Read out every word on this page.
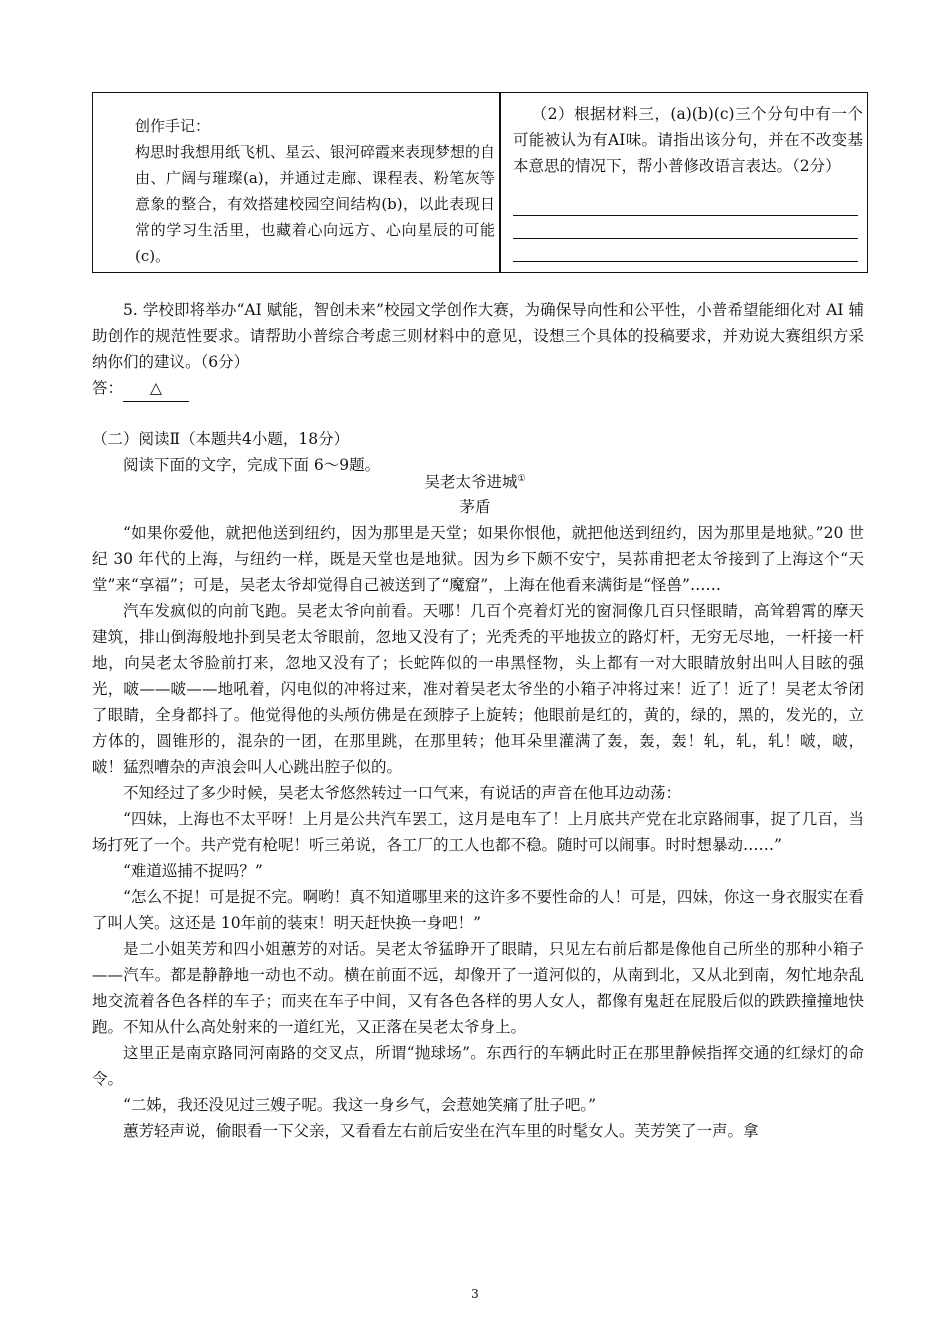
创作手记：
构思时我想用纸飞机、星云、银河碎霞来表现梦想的自由、广阔与璀璨(a)，并通过走廊、课程表、粉笔灰等意象的整合，有效搭建校园空间结构(b)，以此表现日常的学习生活里，也藏着心向远方、心向星辰的可能(c)。
（2）根据材料三，(a)(b)(c)三个分句中有一个可能被认为有AI味。请指出该分句，并在不改变基本意思的情况下，帮小普修改语言表达。（2分）

5. 学校即将举办“AI 赋能，智创未来”校园文学创作大赛，为确保导向性和公平性，小普希望能细化对 AI 辅助创作的规范性要求。请帮助小普综合考虑三则材料中的意见，设想三个具体的投稿要求，并劝说大赛组织方采纳你们的建议。（6分）

答： △

（二）阅读Ⅱ（本题共4小题，18分）

阅读下面的文字，完成下面 6～9题。

吴老太爷进城①
茅盾

“如果你爱他，就把他送到纽约，因为那里是天堂；如果你恨他，就把他送到纽约，因为那里是地狱。”20 世纪 30 年代的上海，与纽约一样，既是天堂也是地狱。因为乡下颇不安宁，吴荪甫把老太爷接到了上海这个“天堂”来“享福”；可是，吴老太爷却觉得自己被送到了“魔窟”，上海在他看来满街是“怪兽”……

汽车发疯似的向前飞跑。吴老太爷向前看。天哪！几百个亮着灯光的窗洞像几百只怪眼睛，高耸碧霄的摩天建筑，排山倒海般地扑到吴老太爷眼前，忽地又没有了；光秃秃的平地拔立的路灯杆，无穷无尽地，一杆接一杆地，向吴老太爷脸前打来，忽地又没有了；长蛇阵似的一串黑怪物，头上都有一对大眼睛放射出叫人目眩的强光，啵——啵——地吼着，闪电似的冲将过来，准对着吴老太爷坐的小箱子冲将过来！近了！近了！吴老太爷闭了眼睛，全身都抖了。他觉得他的头颅仿佛是在颈脖子上旋转；他眼前是红的，黄的，绿的，黑的，发光的，立方体的，圆锥形的，混杂的一团，在那里跳，在那里转；他耳朵里灌满了轰，轰，轰！轧，轧，轧！啵，啵，啵！猛烈嘈杂的声浪会叫人心跳出腔子似的。

不知经过了多少时候，吴老太爷悠然转过一口气来，有说话的声音在他耳边动荡：

“四妹，上海也不太平呀！上月是公共汽车罢工，这月是电车了！上月底共产党在北京路闹事，捉了几百，当场打死了一个。共产党有枪呢！听三弟说，各工厂的工人也都不稳。随时可以闹事。时时想暴动……”

“难道巡捕不捉吗？”

“怎么不捉！可是捉不完。啊哟！真不知道哪里来的这许多不要性命的人！可是，四妹，你这一身衣服实在看了叫人笑。这还是 10年前的装束！明天赶快换一身吧！”

是二小姐芙芳和四小姐蕙芳的对话。吴老太爷猛睁开了眼睛，只见左右前后都是像他自己所坐的那种小箱子——汽车。都是静静地一动也不动。横在前面不远，却像开了一道河似的，从南到北，又从北到南，匆忙地杂乱地交流着各色各样的车子；而夹在车子中间，又有各色各样的男人女人，都像有鬼赶在屁股后似的跌跌撞撞地快跑。不知从什么高处射来的一道红光，又正落在吴老太爷身上。

这里正是南京路同河南路的交叉点，所谓“抛球场”。东西行的车辆此时正在那里静候指挥交通的红绿灯的命令。

“二姊，我还没见过三嫂子呢。我这一身乡气，会惹她笑痛了肚子吧。”

蕙芳轻声说，偷眼看一下父亲，又看看左右前后安坐在汽车里的时髦女人。芙芳笑了一声。拿

3
